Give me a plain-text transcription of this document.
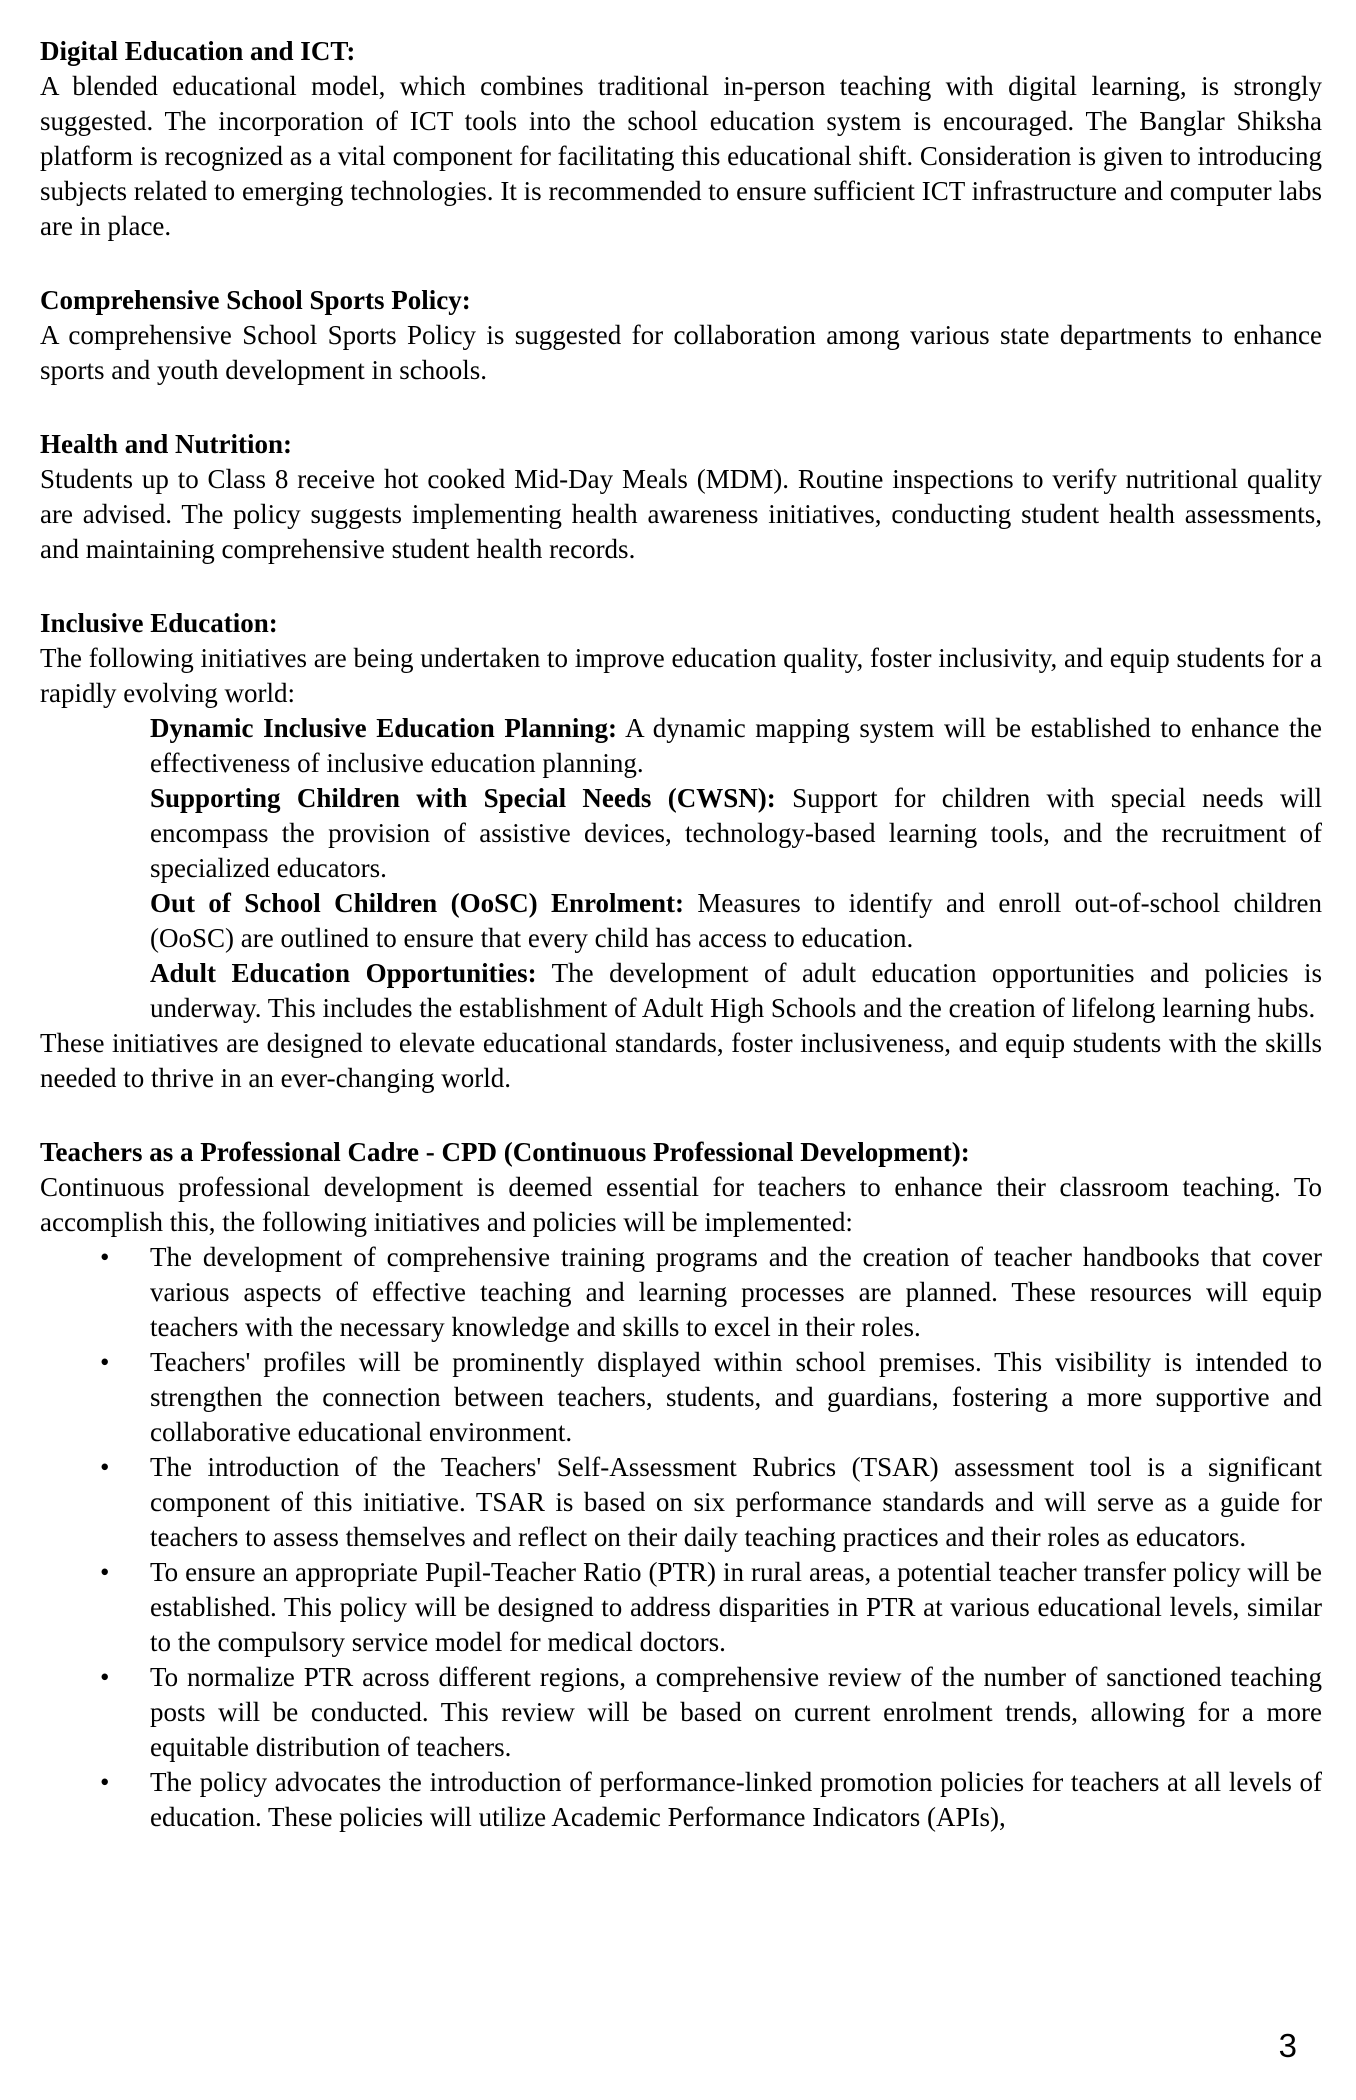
Digital Education and ICT:

A blended educational model, which combines traditional in-person teaching with digital learning, is strongly suggested. The incorporation of ICT tools into the school education system is encouraged. The Banglar Shiksha platform is recognized as a vital component for facilitating this educational shift. Consideration is given to introducing subjects related to emerging technologies. It is recommended to ensure sufficient ICT infrastructure and computer labs are in place.

Comprehensive School Sports Policy:

A comprehensive School Sports Policy is suggested for collaboration among various state departments to enhance sports and youth development in schools.

Health and Nutrition:

Students up to Class 8 receive hot cooked Mid-Day Meals (MDM). Routine inspections to verify nutritional quality are advised. The policy suggests implementing health awareness initiatives, conducting student health assessments, and maintaining comprehensive student health records.

Inclusive Education:

The following initiatives are being undertaken to improve education quality, foster inclusivity, and equip students for a rapidly evolving world:

Dynamic Inclusive Education Planning: A dynamic mapping system will be established to enhance the effectiveness of inclusive education planning.

Supporting Children with Special Needs (CWSN): Support for children with special needs will encompass the provision of assistive devices, technology-based learning tools, and the recruitment of specialized educators.

Out of School Children (OoSC) Enrolment: Measures to identify and enroll out-of-school children (OoSC) are outlined to ensure that every child has access to education.

Adult Education Opportunities: The development of adult education opportunities and policies is underway. This includes the establishment of Adult High Schools and the creation of lifelong learning hubs.

These initiatives are designed to elevate educational standards, foster inclusiveness, and equip students with the skills needed to thrive in an ever-changing world.

Teachers as a Professional Cadre - CPD (Continuous Professional Development):

Continuous professional development is deemed essential for teachers to enhance their classroom teaching. To accomplish this, the following initiatives and policies will be implemented:

• The development of comprehensive training programs and the creation of teacher handbooks that cover various aspects of effective teaching and learning processes are planned. These resources will equip teachers with the necessary knowledge and skills to excel in their roles.
• Teachers' profiles will be prominently displayed within school premises. This visibility is intended to strengthen the connection between teachers, students, and guardians, fostering a more supportive and collaborative educational environment.
• The introduction of the Teachers' Self-Assessment Rubrics (TSAR) assessment tool is a significant component of this initiative. TSAR is based on six performance standards and will serve as a guide for teachers to assess themselves and reflect on their daily teaching practices and their roles as educators.
• To ensure an appropriate Pupil-Teacher Ratio (PTR) in rural areas, a potential teacher transfer policy will be established. This policy will be designed to address disparities in PTR at various educational levels, similar to the compulsory service model for medical doctors.
• To normalize PTR across different regions, a comprehensive review of the number of sanctioned teaching posts will be conducted. This review will be based on current enrolment trends, allowing for a more equitable distribution of teachers.
• The policy advocates the introduction of performance-linked promotion policies for teachers at all levels of education. These policies will utilize Academic Performance Indicators (APIs),
3
